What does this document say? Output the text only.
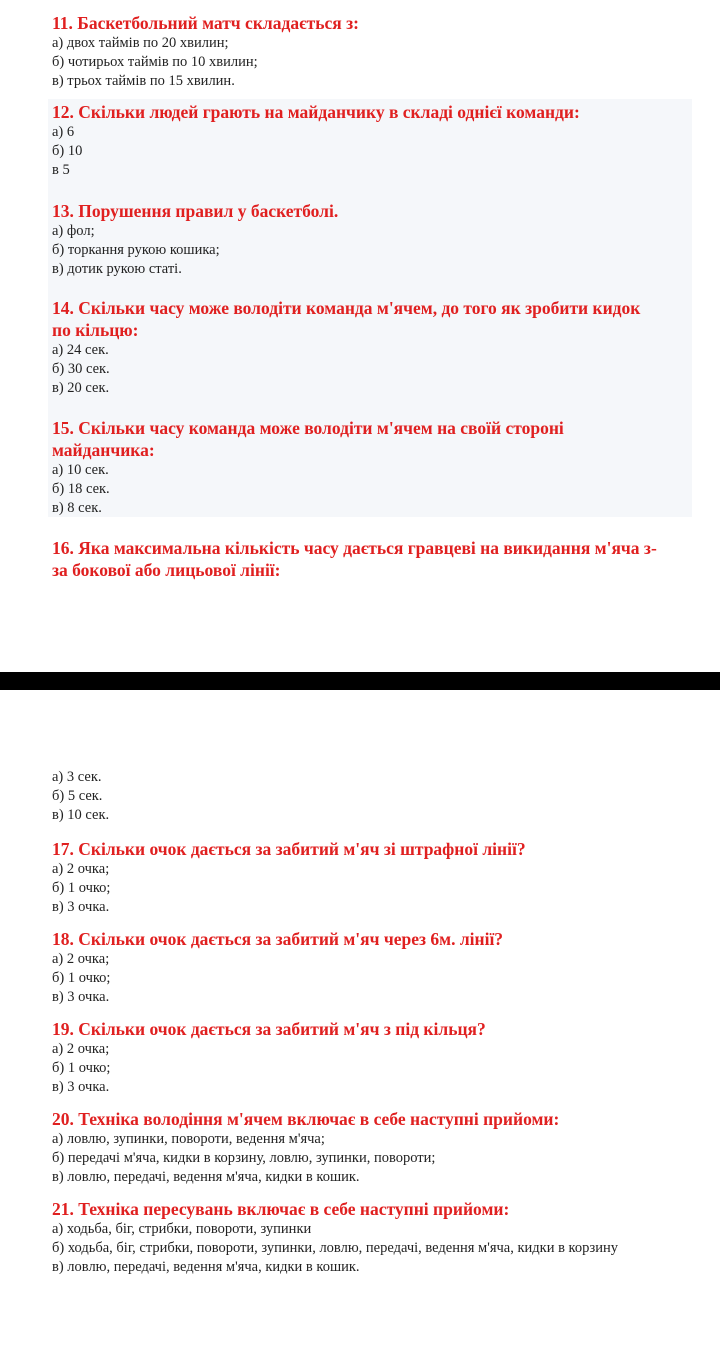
11. Баскетбольний матч складається з:

а) двох таймів по 20 хвилин;

б) чотирьох таймів по 10 хвилин;

в) трьох таймів по 15 хвилин.

12. Скільки людей грають на майданчику в складі однієї команди:

а) 6

б) 10

в 5

13. Порушення правил у баскетболі.

а) фол;

б) торкання рукою кошика;

в) дотик рукою статі.

14. Скільки часу може володіти команда м'ячем, до того як зробити кидок по кільцю:

а) 24 сек.

б) 30 сек.

в) 20 сек.

15. Скільки часу команда може володіти м'ячем на своїй стороні майданчика:

а) 10 сек.

б) 18 сек.

в) 8 сек.

16. Яка максимальна кількість часу дається гравцеві на викидання м'яча з-за бокової або лицьової лінії:

а) 3 сек.

б) 5 сек.

в) 10 сек.

17. Скільки очок дається за забитий м'яч зі штрафної лінії?

а) 2 очка;

б) 1 очко;

в) 3 очка.

18. Скільки очок дається за забитий м'яч через 6м. лінії?

а) 2 очка;

б) 1 очко;

в) 3 очка.

19. Скільки очок дається за забитий м'яч з під кільця?

а) 2 очка;

б) 1 очко;

в) 3 очка.

20. Техніка володіння м'ячем включає в себе наступні прийоми:

а) ловлю, зупинки, повороти, ведення м'яча;

б) передачі м'яча, кидки в корзину, ловлю, зупинки, повороти;

в) ловлю, передачі, ведення м'яча, кидки в кошик.

21. Техніка пересувань включає в себе наступні прийоми:

а) ходьба, біг, стрибки, повороти, зупинки

б) ходьба, біг, стрибки, повороти, зупинки, ловлю, передачі, ведення м'яча, кидки в корзину

в) ловлю, передачі, ведення м'яча, кидки в кошик.
